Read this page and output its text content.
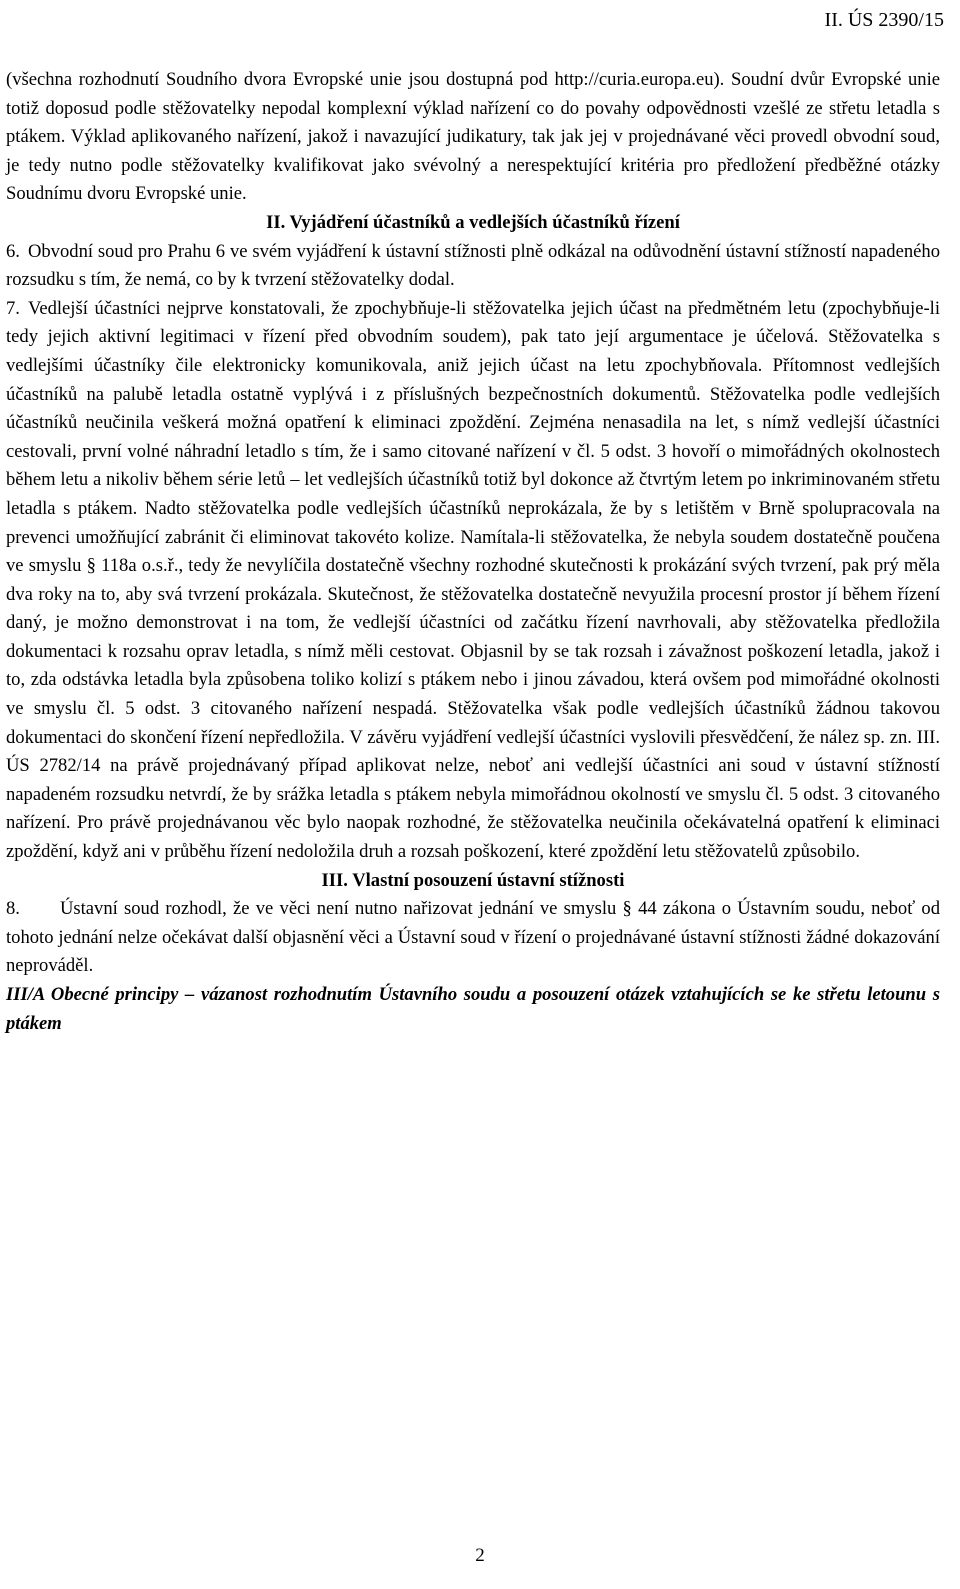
II. ÚS 2390/15

(všechna rozhodnutí Soudního dvora Evropské unie jsou dostupná pod http://curia.europa.eu). Soudní dvůr Evropské unie totiž doposud podle stěžovatelky nepodal komplexní výklad nařízení co do povahy odpovědnosti vzešlé ze střetu letadla s ptákem. Výklad aplikovaného nařízení, jakož i navazující judikatury, tak jak jej v projednávané věci provedl obvodní soud, je tedy nutno podle stěžovatelky kvalifikovat jako svévolný a nerespektující kritéria pro předložení předběžné otázky Soudnímu dvoru Evropské unie.

II. Vyjádření účastníků a vedlejších účastníků řízení

6. Obvodní soud pro Prahu 6 ve svém vyjádření k ústavní stížnosti plně odkázal na odůvodnění ústavní stížností napadeného rozsudku s tím, že nemá, co by k tvrzení stěžovatelky dodal.

7. Vedlejší účastníci nejprve konstatovali, že zpochybňuje-li stěžovatelka jejich účast na předmětném letu (zpochybňuje-li tedy jejich aktivní legitimaci v řízení před obvodním soudem), pak tato její argumentace je účelová. Stěžovatelka s vedlejšími účastníky čile elektronicky komunikovala, aniž jejich účast na letu zpochybňovala. Přítomnost vedlejších účastníků na palubě letadla ostatně vyplývá i z příslušných bezpečnostních dokumentů. Stěžovatelka podle vedlejších účastníků neučinila veškerá možná opatření k eliminaci zpoždění. Zejména nenasadila na let, s nímž vedlejší účastníci cestovali, první volné náhradní letadlo s tím, že i samo citované nařízení v čl. 5 odst. 3 hovoří o mimořádných okolnostech během letu a nikoliv během série letů – let vedlejších účastníků totiž byl dokonce až čtvrtým letem po inkriminovaném střetu letadla s ptákem. Nadto stěžovatelka podle vedlejších účastníků neprokázala, že by s letištěm v Brně spolupracovala na prevenci umožňující zabránit či eliminovat takovéto kolize. Namítala-li stěžovatelka, že nebyla soudem dostatečně poučena ve smyslu § 118a o.s.ř., tedy že nevylíčila dostatečně všechny rozhodné skutečnosti k prokázání svých tvrzení, pak prý měla dva roky na to, aby svá tvrzení prokázala. Skutečnost, že stěžovatelka dostatečně nevyužila procesní prostor jí během řízení daný, je možno demonstrovat i na tom, že vedlejší účastníci od začátku řízení navrhovali, aby stěžovatelka předložila dokumentaci k rozsahu oprav letadla, s nímž měli cestovat. Objasnil by se tak rozsah i závažnost poškození letadla, jakož i to, zda odstávka letadla byla způsobena toliko kolizí s ptákem nebo i jinou závadou, která ovšem pod mimořádné okolnosti ve smyslu čl. 5 odst. 3 citovaného nařízení nespadá. Stěžovatelka však podle vedlejších účastníků žádnou takovou dokumentaci do skončení řízení nepředložila. V závěru vyjádření vedlejší účastníci vyslovili přesvědčení, že nález sp. zn. III. ÚS 2782/14 na právě projednávaný případ aplikovat nelze, neboť ani vedlejší účastníci ani soud v ústavní stížností napadeném rozsudku netvrdí, že by srážka letadla s ptákem nebyla mimořádnou okolností ve smyslu čl. 5 odst. 3 citovaného nařízení. Pro právě projednávanou věc bylo naopak rozhodné, že stěžovatelka neučinila očekávatelná opatření k eliminaci zpoždění, když ani v průběhu řízení nedoložila druh a rozsah poškození, které zpoždění letu stěžovatelů způsobilo.

III. Vlastní posouzení ústavní stížnosti

8. Ústavní soud rozhodl, že ve věci není nutno nařizovat jednání ve smyslu § 44 zákona o Ústavním soudu, neboť od tohoto jednání nelze očekávat další objasnění věci a Ústavní soud v řízení o projednávané ústavní stížnosti žádné dokazování neprováděl.

III/A Obecné principy – vázanost rozhodnutím Ústavního soudu a posouzení otázek vztahujících se ke střetu letounu s ptákem

2
